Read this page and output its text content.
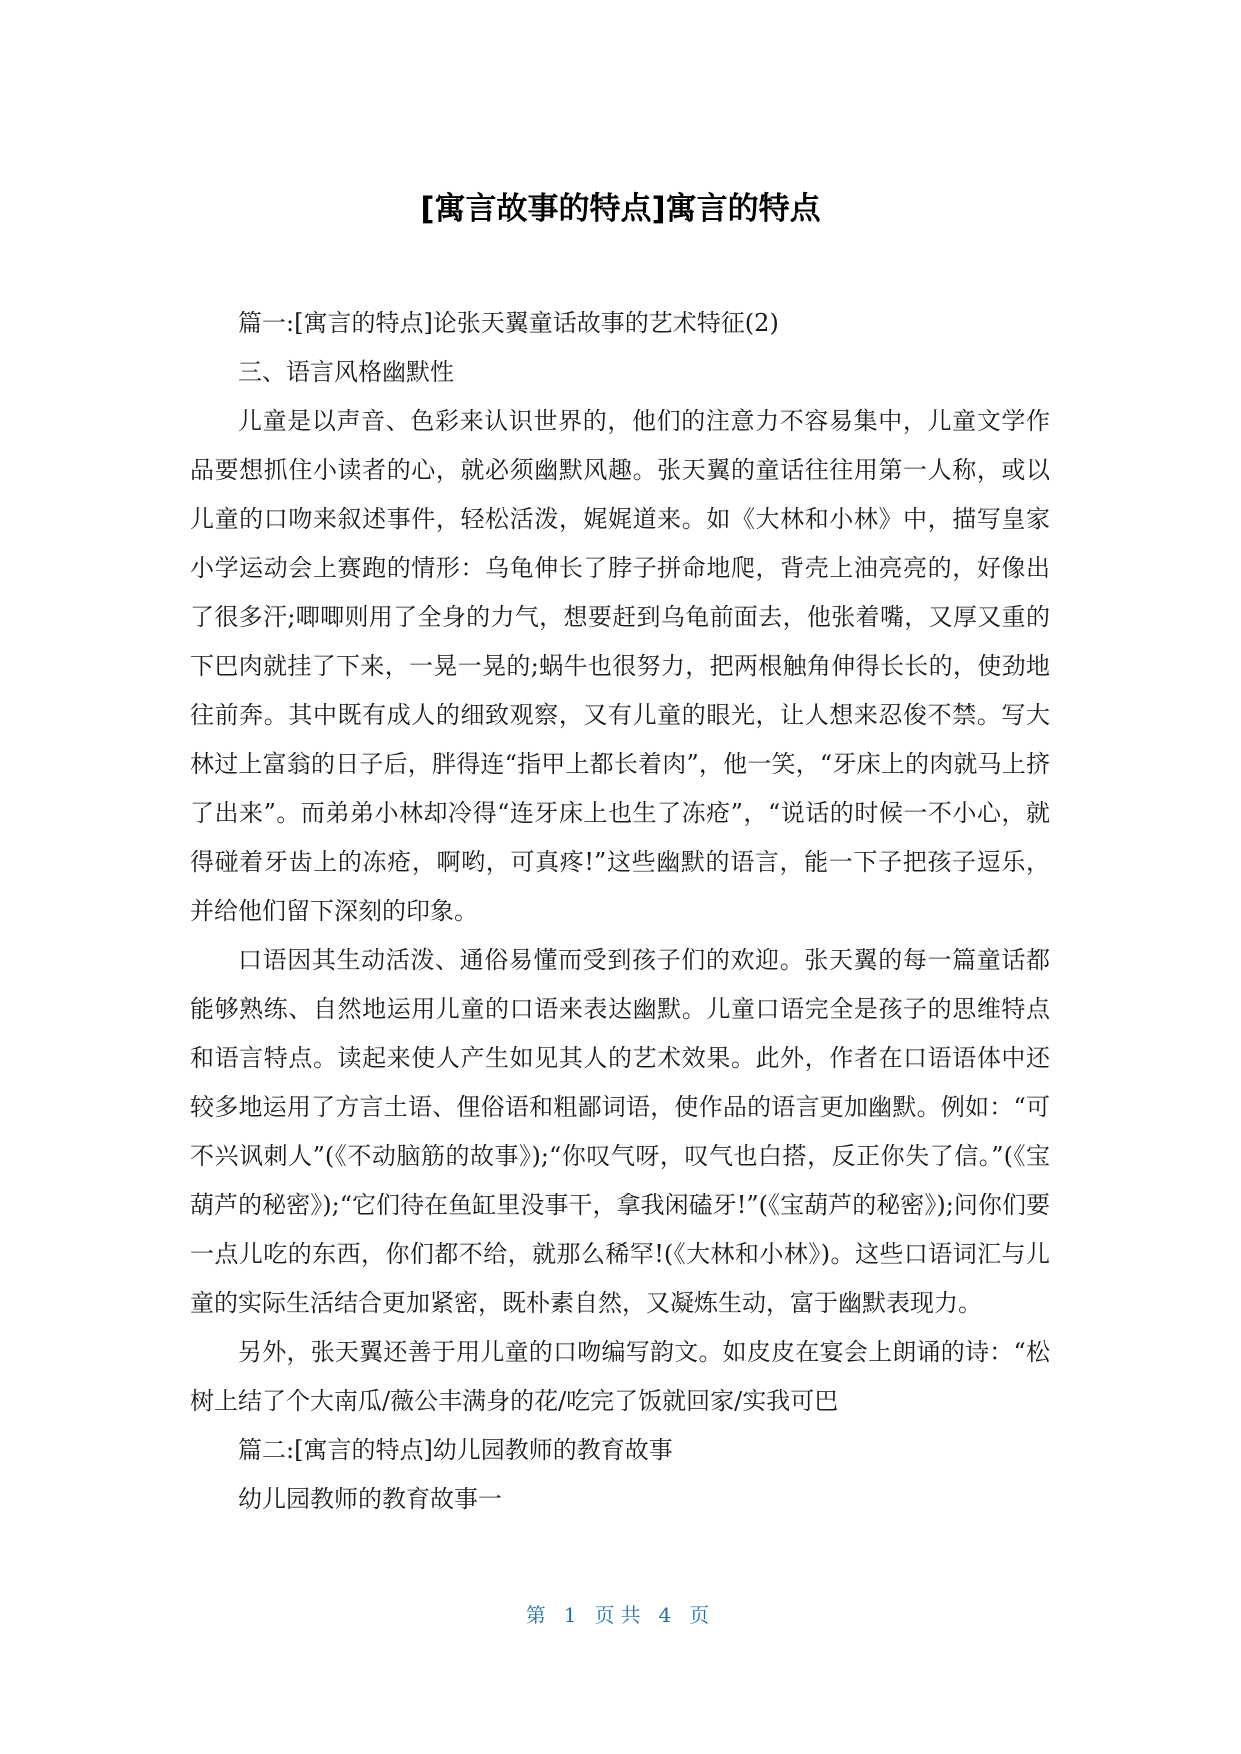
[寓言故事的特点]寓言的特点

篇一:[寓言的特点]论张天翼童话故事的艺术特征(2)

三、语言风格幽默性

儿童是以声音、色彩来认识世界的，他们的注意力不容易集中，儿童文学作品要想抓住小读者的心，就必须幽默风趣。张天翼的童话往往用第一人称，或以儿童的口吻来叙述事件，轻松活泼，娓娓道来。如《大林和小林》中，描写皇家小学运动会上赛跑的情形：乌龟伸长了脖子拼命地爬，背壳上油亮亮的，好像出了很多汗;唧唧则用了全身的力气，想要赶到乌龟前面去，他张着嘴，又厚又重的下巴肉就挂了下来，一晃一晃的;蜗牛也很努力，把两根触角伸得长长的，使劲地往前奔。其中既有成人的细致观察，又有儿童的眼光，让人想来忍俊不禁。写大林过上富翁的日子后，胖得连“指甲上都长着肉”，他一笑，“牙床上的肉就马上挤了出来”。而弟弟小林却冷得“连牙床上也生了冻疮”，“说话的时候一不小心，就得碰着牙齿上的冻疮，啊哟，可真疼!”这些幽默的语言，能一下子把孩子逗乐，并给他们留下深刻的印象。

口语因其生动活泼、通俗易懂而受到孩子们的欢迎。张天翼的每一篇童话都能够熟练、自然地运用儿童的口语来表达幽默。儿童口语完全是孩子的思维特点和语言特点。读起来使人产生如见其人的艺术效果。此外，作者在口语语体中还较多地运用了方言土语、俚俗语和粗鄙词语，使作品的语言更加幽默。例如：“可不兴讽刺人”(《不动脑筋的故事》);“你叹气呀，叹气也白搭，反正你失了信。”(《宝葫芦的秘密》);“它们待在鱼缸里没事干，拿我闲磕牙!”(《宝葫芦的秘密》);问你们要一点儿吃的东西，你们都不给，就那么稀罕!(《大林和小林》)。这些口语词汇与儿童的实际生活结合更加紧密，既朴素自然，又凝炼生动，富于幽默表现力。

另外，张天翼还善于用儿童的口吻编写韵文。如皮皮在宴会上朗诵的诗：“松树上结了个大南瓜/薇公丰满身的花/吃完了饭就回家/实我可巴

篇二:[寓言的特点]幼儿园教师的教育故事

幼儿园教师的教育故事一

第 1 页共 4 页
